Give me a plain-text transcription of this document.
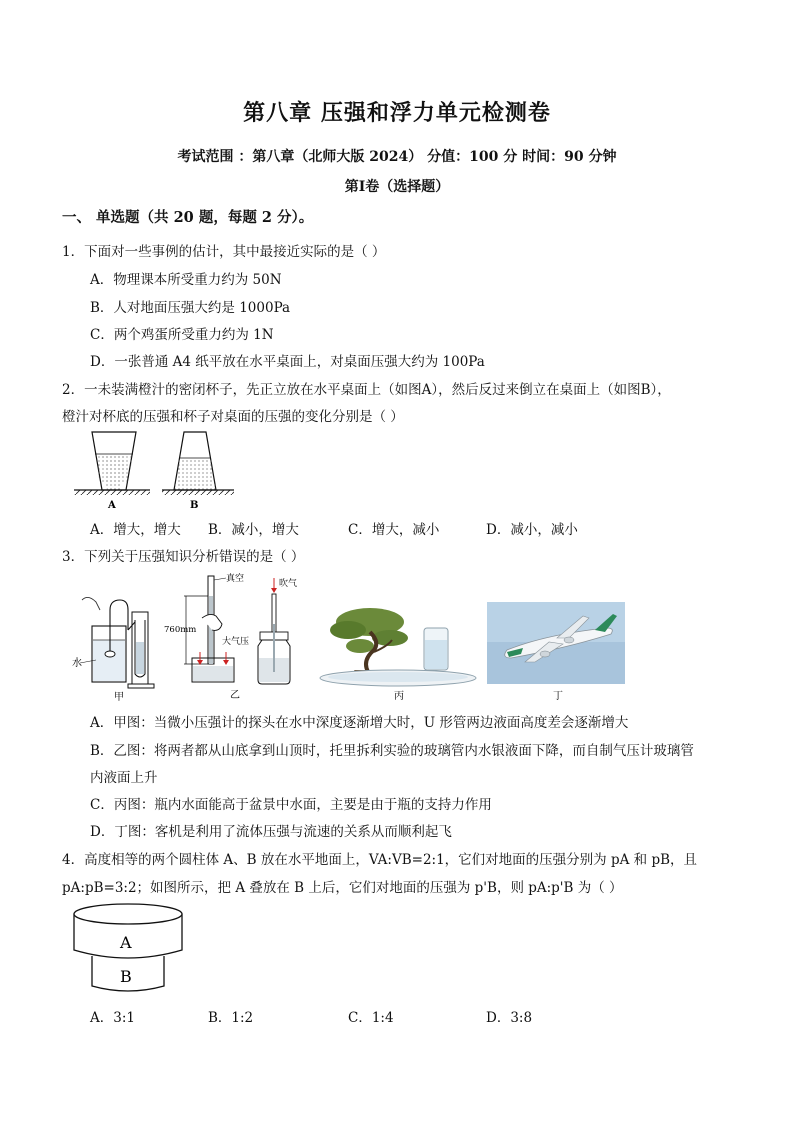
第八章 压强和浮力单元检测卷
考试范围 ：第八章（北师大版 2024） 分值：100 分 时间：90 分钟
第Ⅰ卷（选择题）
一、 单选题（共 20 题，每题 2 分）。
1．下面对一些事例的估计，其中最接近实际的是（ ）
A．物理课本所受重力约为 50N
B．人对地面压强大约是 1000Pa
C．两个鸡蛋所受重力约为 1N
D．一张普通 A4 纸平放在水平桌面上，对桌面压强大约为 100Pa
2．一未装满橙汁的密闭杯子，先正立放在水平桌面上（如图A），然后反过来倒立在桌面上（如图B），
橙汁对杯底的压强和杯子对桌面的压强的变化分别是（ ）
A	B
A．增大，增大 B．减小，增大	C．增大，减小	D．减小，减小
3．下列关于压强知识分析错误的是（ ）
水
甲
真空
760mm
大气压
吹气
乙	丙	丁
A．甲图：当微小压强计的探头在水中深度逐渐增大时，U 形管两边液面高度差会逐渐增大
B．乙图：将两者都从山底拿到山顶时，托里拆利实验的玻璃管内水银液面下降，而自制气压计玻璃管
内液面上升
C．丙图：瓶内水面能高于盆景中水面，主要是由于瓶的支持力作用
D．丁图：客机是利用了流体压强与流速的关系从而顺利起飞
4．高度相等的两个圆柱体 A、B 放在水平地面上，VA:VB=2:1，它们对地面的压强分别为 pA 和 pB，且
pA:pB=3:2；如图所示，把 A 叠放在 B 上后，它们对地面的压强为 p'B，则 pA:p'B 为（ ）
B
A
A．3:1	B．1:2	C．1:4	D．3:8
